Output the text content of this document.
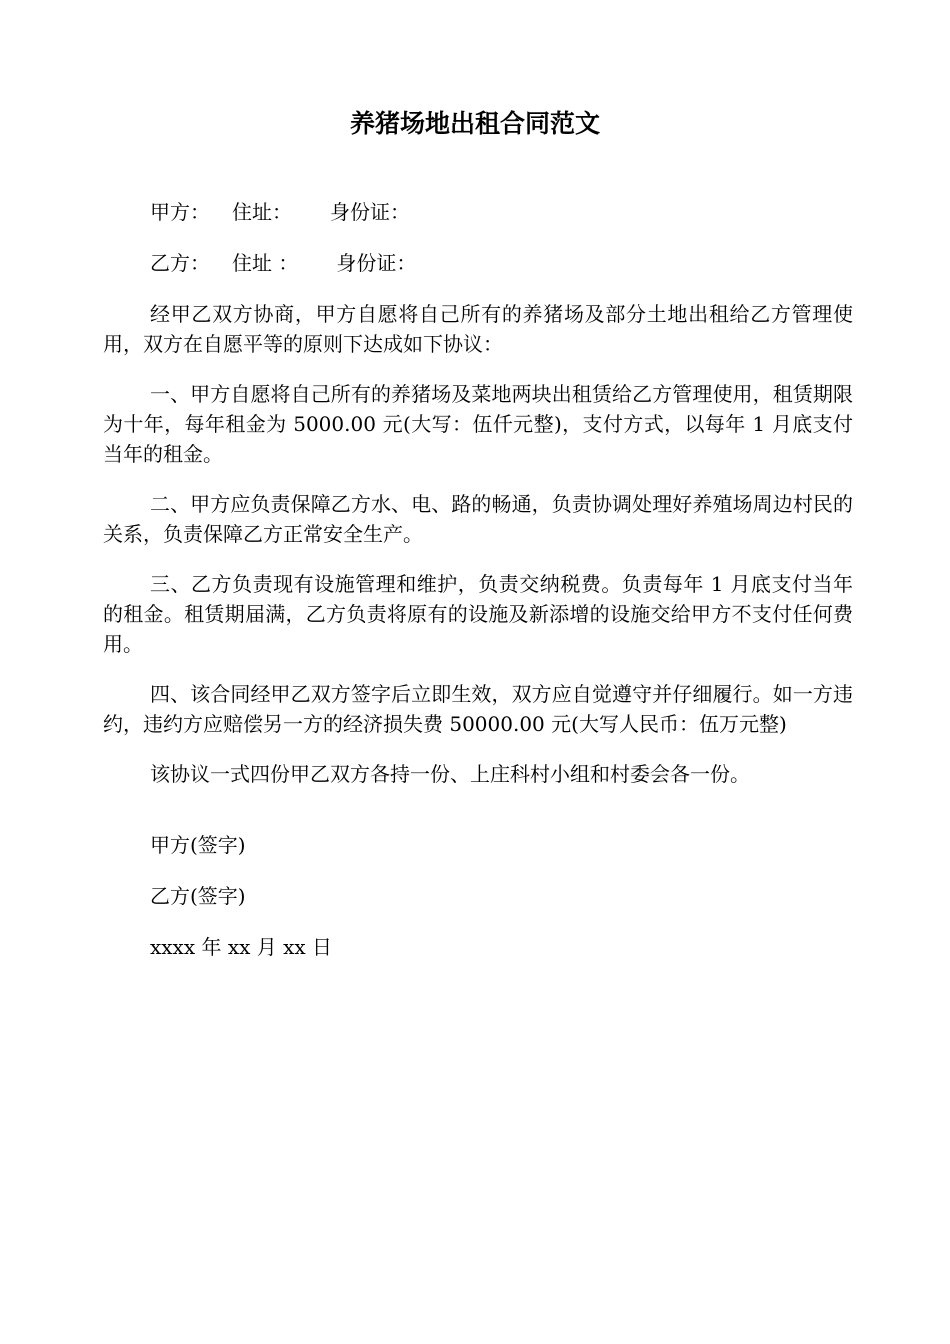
养猪场地出租合同范文
甲方： 住址： 身份证：
乙方： 住址 ： 身份证：

经甲乙双方协商，甲方自愿将自己所有的养猪场及部分土地出租给乙方管理使用，双方在自愿平等的原则下达成如下协议：

一、甲方自愿将自己所有的养猪场及菜地两块出租赁给乙方管理使用，租赁期限为十年，每年租金为 5000.00 元(大写：伍仟元整)，支付方式，以每年 1 月底支付当年的租金。

二、甲方应负责保障乙方水、电、路的畅通，负责协调处理好养殖场周边村民的关系，负责保障乙方正常安全生产。

三、乙方负责现有设施管理和维护，负责交纳税费。负责每年 1 月底支付当年的租金。租赁期届满，乙方负责将原有的设施及新添增的设施交给甲方不支付任何费用。

四、该合同经甲乙双方签字后立即生效，双方应自觉遵守并仔细履行。如一方违约，违约方应赔偿另一方的经济损失费 50000.00 元(大写人民币：伍万元整)

该协议一式四份甲乙双方各持一份、上庄科村小组和村委会各一份。
甲方(签字)
乙方(签字)
xxxx 年 xx 月 xx 日
